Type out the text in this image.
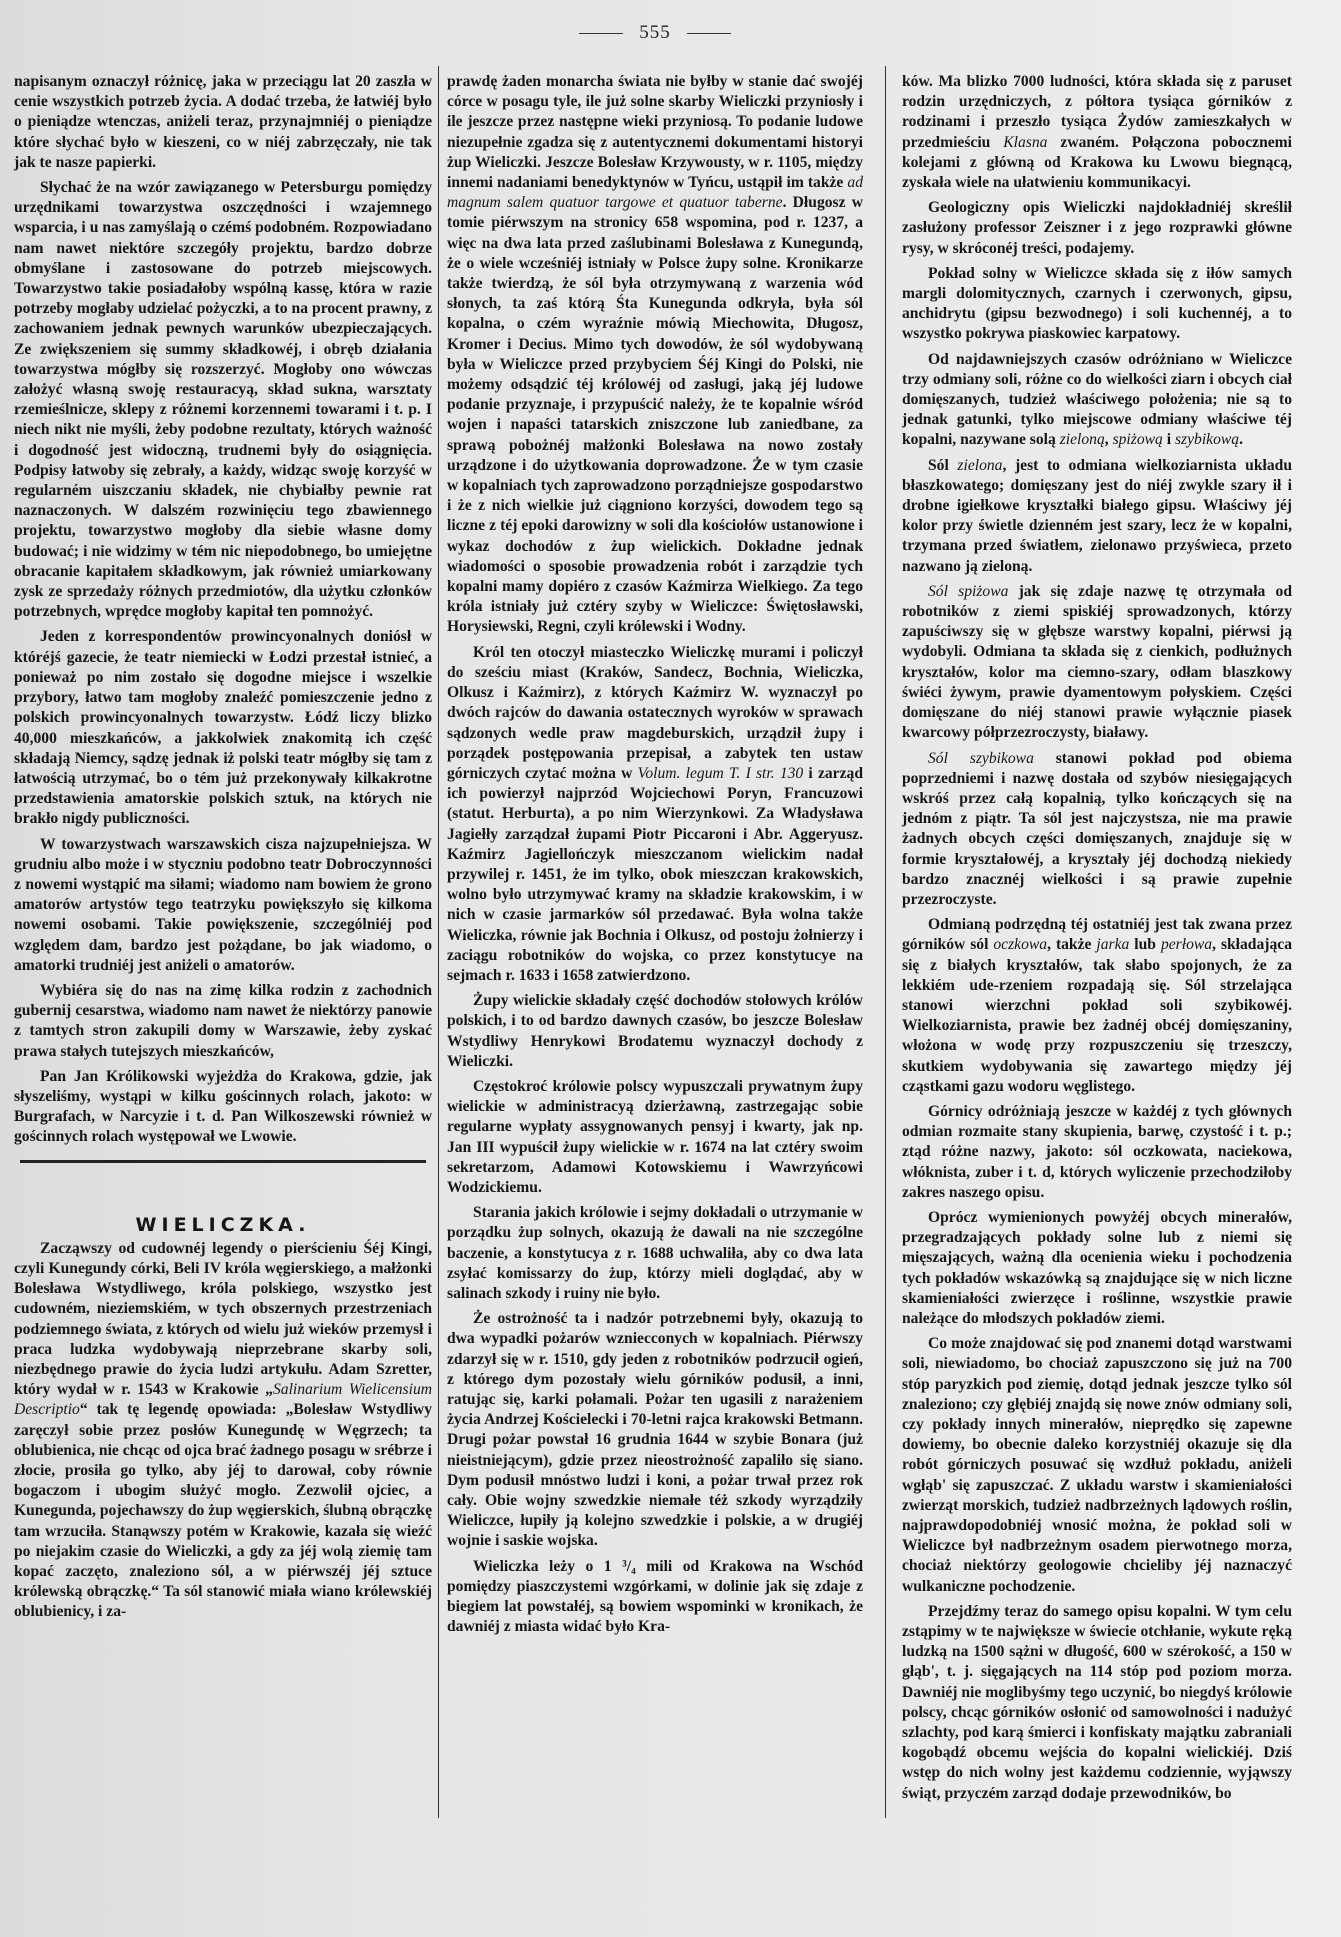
555

napisanym oznaczył różnicę, jaka w przeciągu lat 20 zaszła w cenie wszystkich potrzeb życia. A dodać trzeba, że łatwiéj było o pieniądze wtenczas, aniżeli teraz, przynajmniéj o pieniądze które słychać było w kieszeni, co w niéj zabrzęczały, nie tak jak te nasze papierki.

Słychać że na wzór zawiązanego w Petersburgu pomiędzy urzędnikami towarzystwa oszczędności i wzajemnego wsparcia, i u nas zamyślają o czémś podobném. Rozpowiadano nam nawet niektóre szczegóły projektu, bardzo dobrze obmyślane i zastosowane do potrzeb miejscowych. Towarzystwo takie posiadałoby wspólną kassę, która w razie potrzeby mogłaby udzielać pożyczki, a to na procent prawny, z zachowaniem jednak pewnych warunków ubezpieczających. Ze zwiększeniem się summy składkowéj, i obręb działania towarzystwa mógłby się rozszerzyć. Mogłoby ono wówczas założyć własną swoję restauracyą, skład sukna, warsztaty rzemieślnicze, sklepy z różnemi korzennemi towarami i t. p. I niech nikt nie myśli, żeby podobne rezultaty, których ważność i dogodność jest widoczną, trudnemi były do osiągnięcia. Podpisy łatwoby się zebrały, a każdy, widząc swoję korzyść w regularném uiszczaniu składek, nie chybiałby pewnie rat naznaczonych. W dalszém rozwinięciu tego zbawiennego projektu, towarzystwo mogłoby dla siebie własne domy budować; i nie widzimy w tém nic niepodobnego, bo umiejętne obracanie kapitałem składkowym, jak również umiarkowany zysk ze sprzedaży różnych przedmiotów, dla użytku członków potrzebnych, wprędce mogłoby kapitał ten pomnożyć.

Jeden z korrespondentów prowincyonalnych doniósł w któréjś gazecie, że teatr niemiecki w Łodzi przestał istnieć, a ponieważ po nim zostało się dogodne miejsce i wszelkie przybory, łatwo tam mogłoby znaleźć pomieszczenie jedno z polskich prowincyonalnych towarzystw. Łódź liczy blizko 40,000 mieszkańców, a jakkolwiek znakomitą ich część składają Niemcy, sądzę jednak iż polski teatr mógłby się tam z łatwością utrzymać, bo o tém już przekonywały kilkakrotne przedstawienia amatorskie polskich sztuk, na których nie brakło nigdy publiczności.

W towarzystwach warszawskich cisza najzupełniejsza. W grudniu albo może i w styczniu podobno teatr Dobroczynności z nowemi wystąpić ma siłami; wiadomo nam bowiem że grono amatorów artystów tego teatrzyku powiększyło się kilkoma nowemi osobami. Takie powiększenie, szczególniéj pod względem dam, bardzo jest pożądane, bo jak wiadomo, o amatorki trudniéj jest aniżeli o amatorów.

Wybiéra się do nas na zimę kilka rodzin z zachodnich gubernij cesarstwa, wiadomo nam nawet że niektórzy panowie z tamtych stron zakupili domy w Warszawie, żeby zyskać prawa stałych tutejszych mieszkańców,

Pan Jan Królikowski wyjeżdża do Krakowa, gdzie, jak słyszeliśmy, wystąpi w kilku gościnnych rolach, jakoto: w Burgrafach, w Narcyzie i t. d. Pan Wilkoszewski również w gościnnych rolach występował we Lwowie.

WIELICZKA.

Zacząwszy od cudownéj legendy o pierścieniu Śéj Kingi, czyli Kunegundy córki, Beli IV króla węgierskiego, a małżonki Bolesława Wstydliwego, króla polskiego, wszystko jest cudowném, nieziemskiém, w tych obszernych przestrzeniach podziemnego świata, z których od wielu już wieków przemysł i praca ludzka wydobywają nieprzebrane skarby soli, niezbędnego prawie do życia ludzi artykułu. Adam Szretter, który wydał w r. 1543 w Krakowie „Salinarium Wielicensium Descriptio“ tak tę legendę opowiada: „Bolesław Wstydliwy zaręczył sobie przez posłów Kunegundę w Węgrzech; ta oblubienica, nie chcąc od ojca brać żadnego posagu w srébrze i złocie, prosiła go tylko, aby jéj to darował, coby równie bogaczom i ubogim służyć mogło. Zezwolił ojciec, a Kunegunda, pojechawszy do żup węgierskich, ślubną obrączkę tam wrzuciła. Stanąwszy potém w Krakowie, kazała się wieźć po niejakim czasie do Wieliczki, a gdy za jéj wolą ziemię tam kopać zaczęto, znaleziono sól, a w piérwszéj jéj sztuce królewską obrączkę.“ Ta sól stanowić miała wiano królewskiéj oblubienicy, i za-

prawdę żaden monarcha świata nie byłby w stanie dać swojéj córce w posagu tyle, ile już solne skarby Wieliczki przyniosły i ile jeszcze przez następne wieki przyniosą. To podanie ludowe niezupełnie zgadza się z autentycznemi dokumentami historyi żup Wieliczki. Jeszcze Bolesław Krzywousty, w r. 1105, między innemi nadaniami benedyktynów w Tyńcu, ustąpił im także ad magnum salem quatuor targowe et quatuor taberne. Długosz w tomie piérwszym na stronicy 658 wspomina, pod r. 1237, a więc na dwa lata przed zaślubinami Bolesława z Kunegundą, że o wiele wcześniéj istniały w Polsce żupy solne. Kronikarze także twierdzą, że sól była otrzymywaną z warzenia wód słonych, ta zaś którą Śta Kunegunda odkryła, była sól kopalna, o czém wyraźnie mówią Miechowita, Długosz, Kromer i Decius. Mimo tych dowodów, że sól wydobywaną była w Wieliczce przed przybyciem Śéj Kingi do Polski, nie możemy odsądzić téj królowéj od zasługi, jaką jéj ludowe podanie przyznaje, i przypuścić należy, że te kopalnie wśród wojen i napaści tatarskich zniszczone lub zaniedbane, za sprawą pobożnéj małżonki Bolesława na nowo zostały urządzone i do użytkowania doprowadzone. Że w tym czasie w kopalniach tych zaprowadzono porządniejsze gospodarstwo i że z nich wielkie już ciągniono korzyści, dowodem tego są liczne z téj epoki darowizny w soli dla kościołów ustanowione i wykaz dochodów z żup wielickich. Dokładne jednak wiadomości o sposobie prowadzenia robót i zarządzie tych kopalni mamy dopiéro z czasów Kaźmirza Wielkiego. Za tego króla istniały już cztéry szyby w Wieliczce: Świętosławski, Horysiewski, Regni, czyli królewski i Wodny.

Król ten otoczył miasteczko Wieliczkę murami i policzył do sześciu miast (Kraków, Sandecz, Bochnia, Wieliczka, Olkusz i Kaźmirz), z których Kaźmirz W. wyznaczył po dwóch rajców do dawania ostatecznych wyroków w sprawach sądzonych wedle praw magdeburskich, urządził żupy i porządek postępowania przepisał, a zabytek ten ustaw górniczych czytać można w Volum. legum T. I str. 130 i zarząd ich powierzył najprzód Wojciechowi Poryn, Francuzowi (statut. Herburta), a po nim Wierzynkowi. Za Władysława Jagiełły zarządzał żupami Piotr Piccaroni i Abr. Aggeryusz. Kaźmirz Jagiellończyk mieszczanom wielickim nadał przywilej r. 1451, że im tylko, obok mieszczan krakowskich, wolno było utrzymywać kramy na składzie krakowskim, i w nich w czasie jarmarków sól przedawać. Była wolna także Wieliczka, równie jak Bochnia i Olkusz, od postoju żołnierzy i zaciągu robotników do wojska, co przez konstytucye na sejmach r. 1633 i 1658 zatwierdzono.

Żupy wielickie składały część dochodów stołowych królów polskich, i to od bardzo dawnych czasów, bo jeszcze Bolesław Wstydliwy Henrykowi Brodatemu wyznaczył dochody z Wieliczki.

Częstokroć królowie polscy wypuszczali prywatnym żupy wielickie w administracyą dzierżawną, zastrzegając sobie regularne wypłaty assygnowanych pensyj i kwarty, jak np. Jan III wypuścił żupy wielickie w r. 1674 na lat cztéry swoim sekretarzom, Adamowi Kotowskiemu i Wawrzyńcowi Wodzickiemu.

Starania jakich królowie i sejmy dokładali o utrzymanie w porządku żup solnych, okazują że dawali na nie szczególne baczenie, a konstytucya z r. 1688 uchwaliła, aby co dwa lata zsyłać komissarzy do żup, którzy mieli doglądać, aby w salinach szkody i ruiny nie było.

Że ostrożność ta i nadzór potrzebnemi były, okazują to dwa wypadki pożarów wzniecconych w kopalniach. Piérwszy zdarzył się w r. 1510, gdy jeden z robotników podrzucił ogień, z którego dym pozostały wielu górników podusił, a inni, ratując się, karki połamali. Pożar ten ugasili z narażeniem życia Andrzej Kościelecki i 70-letni rajca krakowski Betmann. Drugi pożar powstał 16 grudnia 1644 w szybie Bonara (już nieistniejącym), gdzie przez nieostrożność zapaliło się siano. Dym podusił mnóstwo ludzi i koni, a pożar trwał przez rok cały. Obie wojny szwedzkie niemałe téż szkody wyrządziły Wieliczce, łupiły ją kolejno szwedzkie i polskie, a w drugiéj wojnie i saskie wojska.

Wieliczka leży o 1 ³/₄ mili od Krakowa na Wschód pomiędzy piaszczystemi wzgórkami, w dolinie jak się zdaje z biegiem lat powstałéj, są bowiem wspominki w kronikach, że dawniéj z miasta widać było Kra-

ków. Ma blizko 7000 ludności, która składa się z paruset rodzin urzędniczych, z półtora tysiąca górników z rodzinami i przeszło tysiąca Żydów zamieszkałych w przedmieściu Klasna zwaném. Połączona pobocznemi kolejami z główną od Krakowa ku Lwowu biegnącą, zyskała wiele na ułatwieniu kommunikacyi.

Geologiczny opis Wieliczki najdokładniéj skreślił zasłużony professor Zeiszner i z jego rozprawki główne rysy, w skróconéj treści, podajemy.

Pokład solny w Wieliczce składa się z iłów samych margli dolomitycznych, czarnych i czerwonych, gipsu, anchidrytu (gipsu bezwodnego) i soli kuchennéj, a to wszystko pokrywa piaskowiec karpatowy.

Od najdawniejszych czasów odróżniano w Wieliczce trzy odmiany soli, różne co do wielkości ziarn i obcych ciał domięszanych, tudzież właściwego położenia; nie są to jednak gatunki, tylko miejscowe odmiany właściwe téj kopalni, nazywane solą zieloną, spiżową i szybikową.

Sól zielona, jest to odmiana wielkoziarnista układu błaszkowatego; domięszany jest do niéj zwykle szary ił i drobne igiełkowe kryształki białego gipsu. Właściwy jéj kolor przy świetle dzienném jest szary, lecz że w kopalni, trzymana przed światłem, zielonawo przyświeca, przeto nazwano ją zieloną.

Sól spiżowa jak się zdaje nazwę tę otrzymała od robotników z ziemi spiskiéj sprowadzonych, którzy zapuściwszy się w głębsze warstwy kopalni, piérwsi ją wydobyli. Odmiana ta składa się z cienkich, podłużnych kryształów, kolor ma ciemno-szary, odłam blaszkowy świéci żywym, prawie dyamentowym połyskiem. Części domięszane do niéj stanowi prawie wyłącznie piasek kwarcowy półprzezroczysty, białawy.

Sól szybikowa stanowi pokład pod obiema poprzedniemi i nazwę dostała od szybów niesięgających wskróś przez całą kopalnią, tylko kończących się na jednóm z piątr. Ta sól jest najczystsza, nie ma prawie żadnych obcych części domięszanych, znajduje się w formie kryształowéj, a kryształy jéj dochodzą niekiedy bardzo znacznéj wielkości i są prawie zupełnie przezroczyste.

Odmianą podrzędną téj ostatniéj jest tak zwana przez górników sól oczkowa, także jarka lub perłowa, składająca się z białych kryształów, tak słabo spojonych, że za lekkiém ude-rzeniem rozpadają się. Sól strzelająca stanowi wierzchni pokład soli szybikowéj. Wielkoziarnista, prawie bez żadnéj obcéj domięszaniny, włożona w wodę przy rozpuszczeniu się trzeszczy, skutkiem wydobywania się zawartego między jéj cząstkami gazu wodoru węglistego.

Górnicy odróżniają jeszcze w każdéj z tych głównych odmian rozmaite stany skupienia, barwę, czystość i t. p.; ztąd różne nazwy, jakoto: sól oczkowata, naciekowa, włóknista, zuber i t. d, których wyliczenie przechodziłoby zakres naszego opisu.

Oprócz wymienionych powyżéj obcych minerałów, przegradzających pokłady solne lub z niemi się mięszających, ważną dla ocenienia wieku i pochodzenia tych pokładów wskazówką są znajdujące się w nich liczne skamieniałości zwierzęce i roślinne, wszystkie prawie należące do młodszych pokładów ziemi.

Co może znajdować się pod znanemi dotąd warstwami soli, niewiadomo, bo chociaż zapuszczono się już na 700 stóp paryzkich pod ziemię, dotąd jednak jeszcze tylko sól znaleziono; czy głębiéj znajdą się nowe znów odmiany soli, czy pokłady innych minerałów, nieprędko się zapewne dowiemy, bo obecnie daleko korzystniéj okazuje się dla robót górniczych posuwać się wzdłuż pokładu, aniżeli wgłąb' się zapuszczać. Z układu warstw i skamieniałości zwierząt morskich, tudzież nadbrzeżnych lądowych roślin, najprawdopodobniéj wnosić można, że pokład soli w Wieliczce był nadbrzeżnym osadem pierwotnego morza, chociaż niektórzy geologowie chcieliby jéj naznaczyć wulkaniczne pochodzenie.

Przejdźmy teraz do samego opisu kopalni. W tym celu zstąpimy w te największe w świecie otchłanie, wykute ręką ludzką na 1500 sążni w długość, 600 w szérokość, a 150 w głąb', t. j. sięgających na 114 stóp pod poziom morza. Dawniéj nie moglibyśmy tego uczynić, bo niegdyś królowie polscy, chcąc górników osłonić od samowolności i nadużyć szlachty, pod karą śmierci i konfiskaty majątku zabraniali kogobądź obcemu wejścia do kopalni wielickiéj. Dziś wstęp do nich wolny jest każdemu codziennie, wyjąwszy świąt, przyczém zarząd dodaje przewodników, bo
